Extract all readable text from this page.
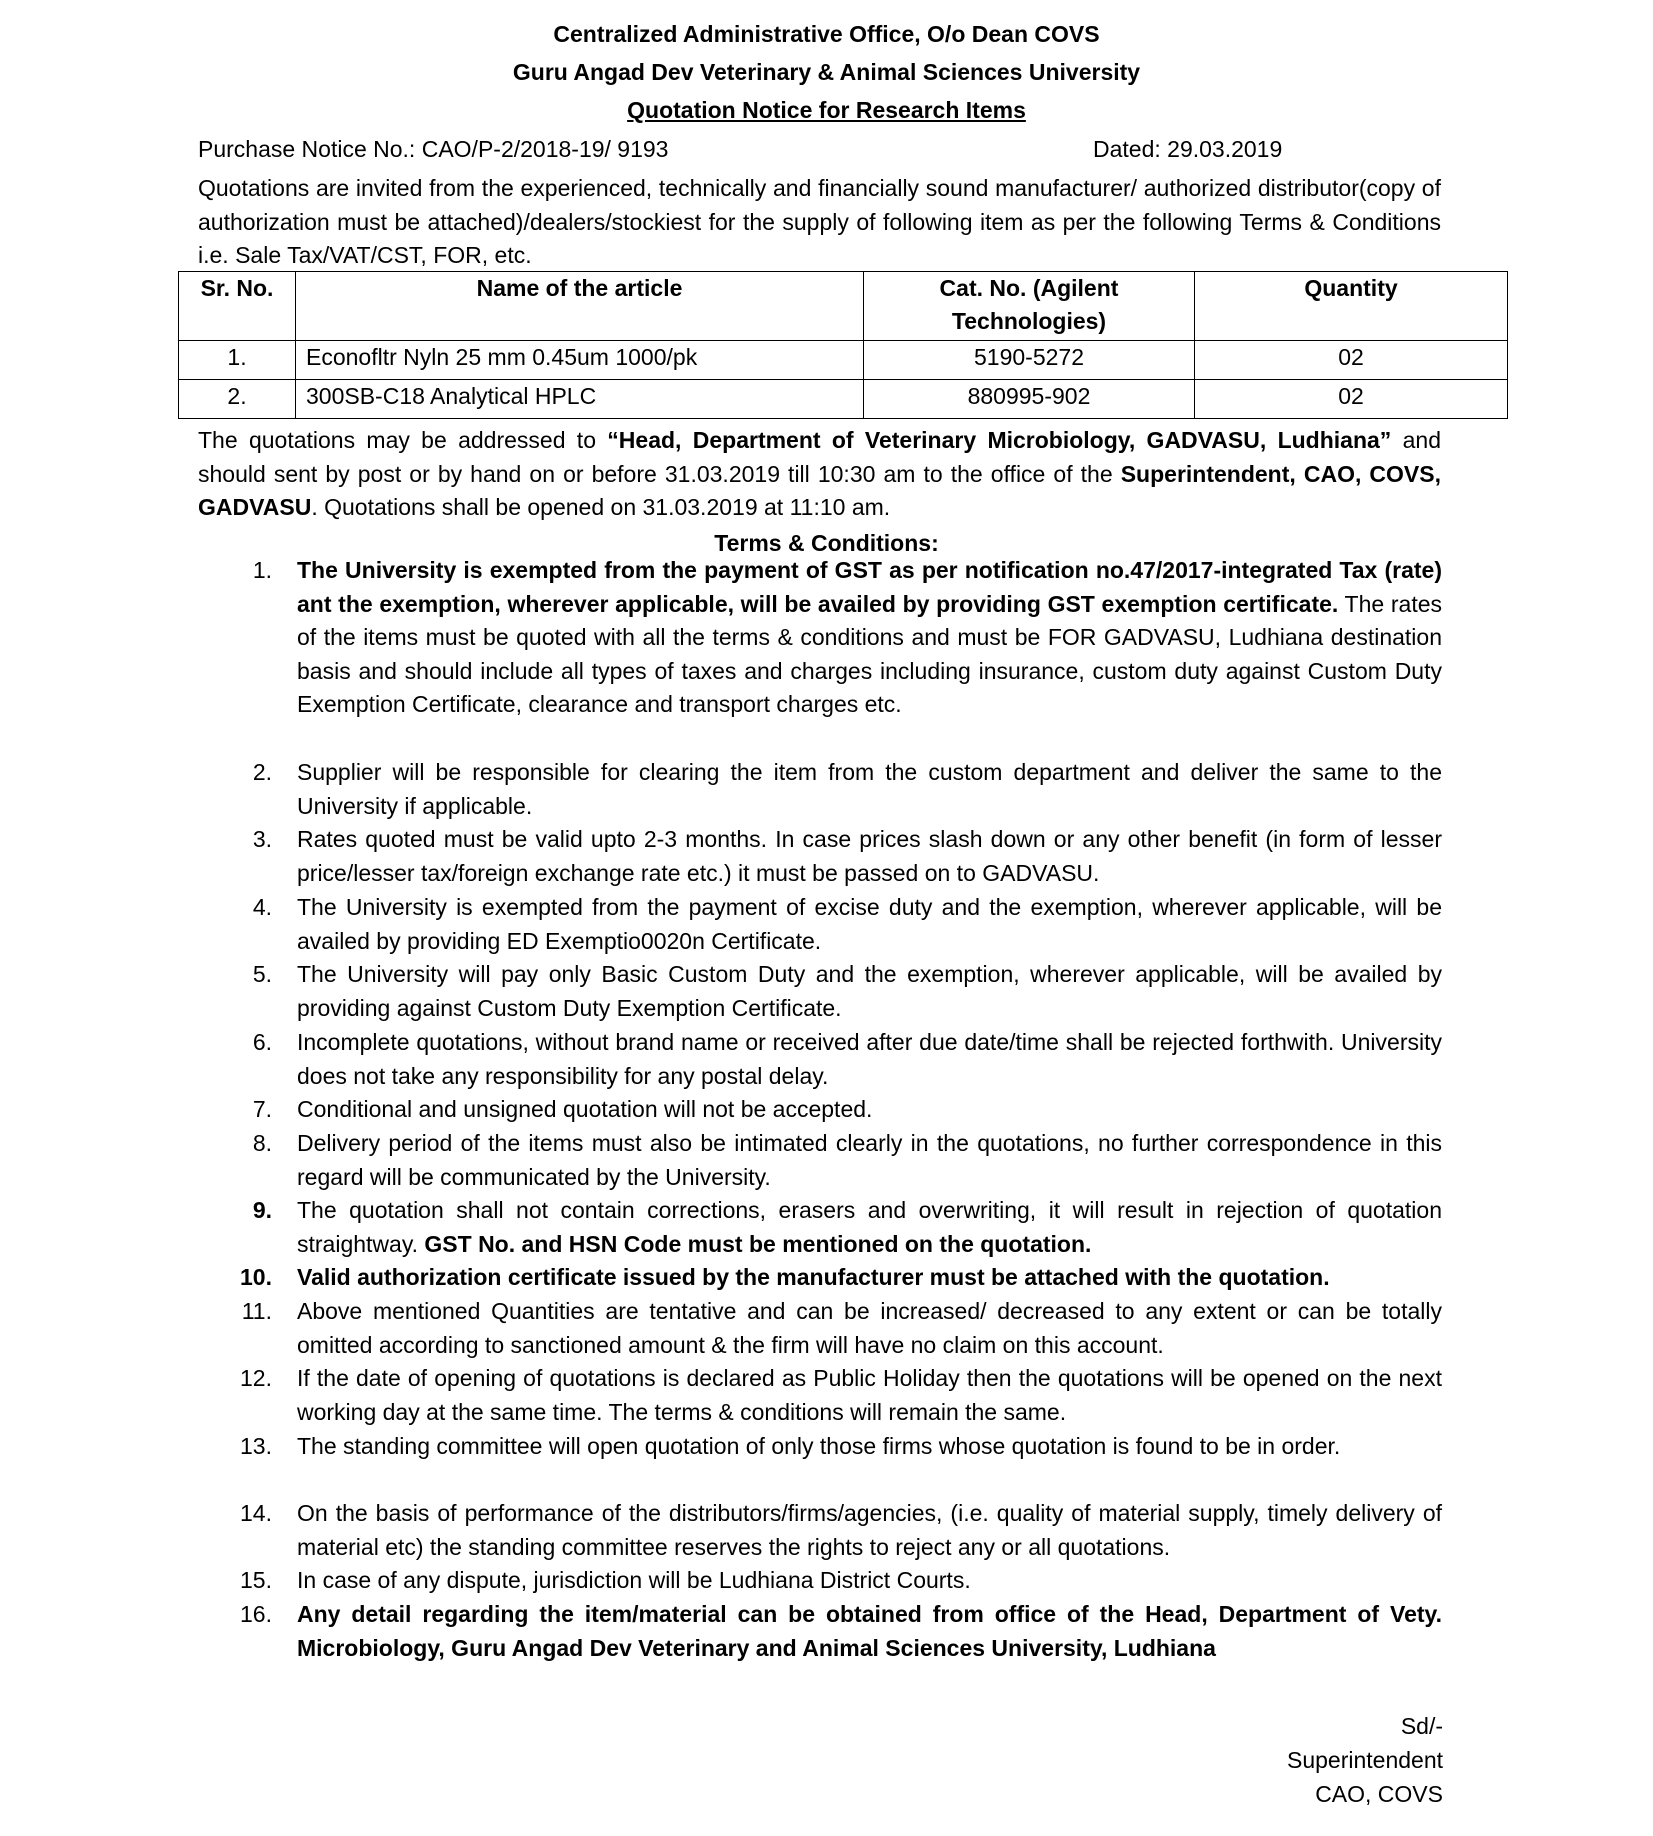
Centralized Administrative Office, O/o Dean COVS
Guru Angad Dev Veterinary & Animal Sciences University
Quotation Notice for Research Items
Purchase Notice No.: CAO/P-2/2018-19/ 9193	Dated: 29.03.2019
Quotations are invited from the experienced, technically and financially sound manufacturer/ authorized distributor(copy of authorization must be attached)/dealers/stockiest for the supply of following item as per the following Terms & Conditions i.e. Sale Tax/VAT/CST, FOR, etc.
Sr. No.	Name of the article	Cat. No. (Agilent Technologies)	Quantity
1.	Econofltr Nyln 25 mm 0.45um 1000/pk	5190-5272	02
2.	300SB-C18 Analytical HPLC	880995-902	02
The quotations may be addressed to “Head, Department of Veterinary Microbiology, GADVASU, Ludhiana” and should sent by post or by hand on or before 31.03.2019 till 10:30 am to the office of the Superintendent, CAO, COVS, GADVASU. Quotations shall be opened on 31.03.2019 at 11:10 am.
Terms & Conditions:
1. The University is exempted from the payment of GST as per notification no.47/2017-integrated Tax (rate) ant the exemption, wherever applicable, will be availed by providing GST exemption certificate. The rates of the items must be quoted with all the terms & conditions and must be FOR GADVASU, Ludhiana destination basis and should include all types of taxes and charges including insurance, custom duty against Custom Duty Exemption Certificate, clearance and transport charges etc.
2. Supplier will be responsible for clearing the item from the custom department and deliver the same to the University if applicable.
3. Rates quoted must be valid upto 2-3 months. In case prices slash down or any other benefit (in form of lesser price/lesser tax/foreign exchange rate etc.) it must be passed on to GADVASU.
4. The University is exempted from the payment of excise duty and the exemption, wherever applicable, will be availed by providing ED Exemptio0020n Certificate.
5. The University will pay only Basic Custom Duty and the exemption, wherever applicable, will be availed by providing against Custom Duty Exemption Certificate.
6. Incomplete quotations, without brand name or received after due date/time shall be rejected forthwith. University does not take any responsibility for any postal delay.
7. Conditional and unsigned quotation will not be accepted.
8. Delivery period of the items must also be intimated clearly in the quotations, no further correspondence in this regard will be communicated by the University.
9. The quotation shall not contain corrections, erasers and overwriting, it will result in rejection of quotation straightway. GST No. and HSN Code must be mentioned on the quotation.
10. Valid authorization certificate issued by the manufacturer must be attached with the quotation.
11. Above mentioned Quantities are tentative and can be increased/ decreased to any extent or can be totally omitted according to sanctioned amount & the firm will have no claim on this account.
12. If the date of opening of quotations is declared as Public Holiday then the quotations will be opened on the next working day at the same time. The terms & conditions will remain the same.
13. The standing committee will open quotation of only those firms whose quotation is found to be in order.
14. On the basis of performance of the distributors/firms/agencies, (i.e. quality of material supply, timely delivery of material etc) the standing committee reserves the rights to reject any or all quotations.
15. In case of any dispute, jurisdiction will be Ludhiana District Courts.
16. Any detail regarding the item/material can be obtained from office of the Head, Department of Vety. Microbiology, Guru Angad Dev Veterinary and Animal Sciences University, Ludhiana
Sd/-
Superintendent
CAO, COVS
